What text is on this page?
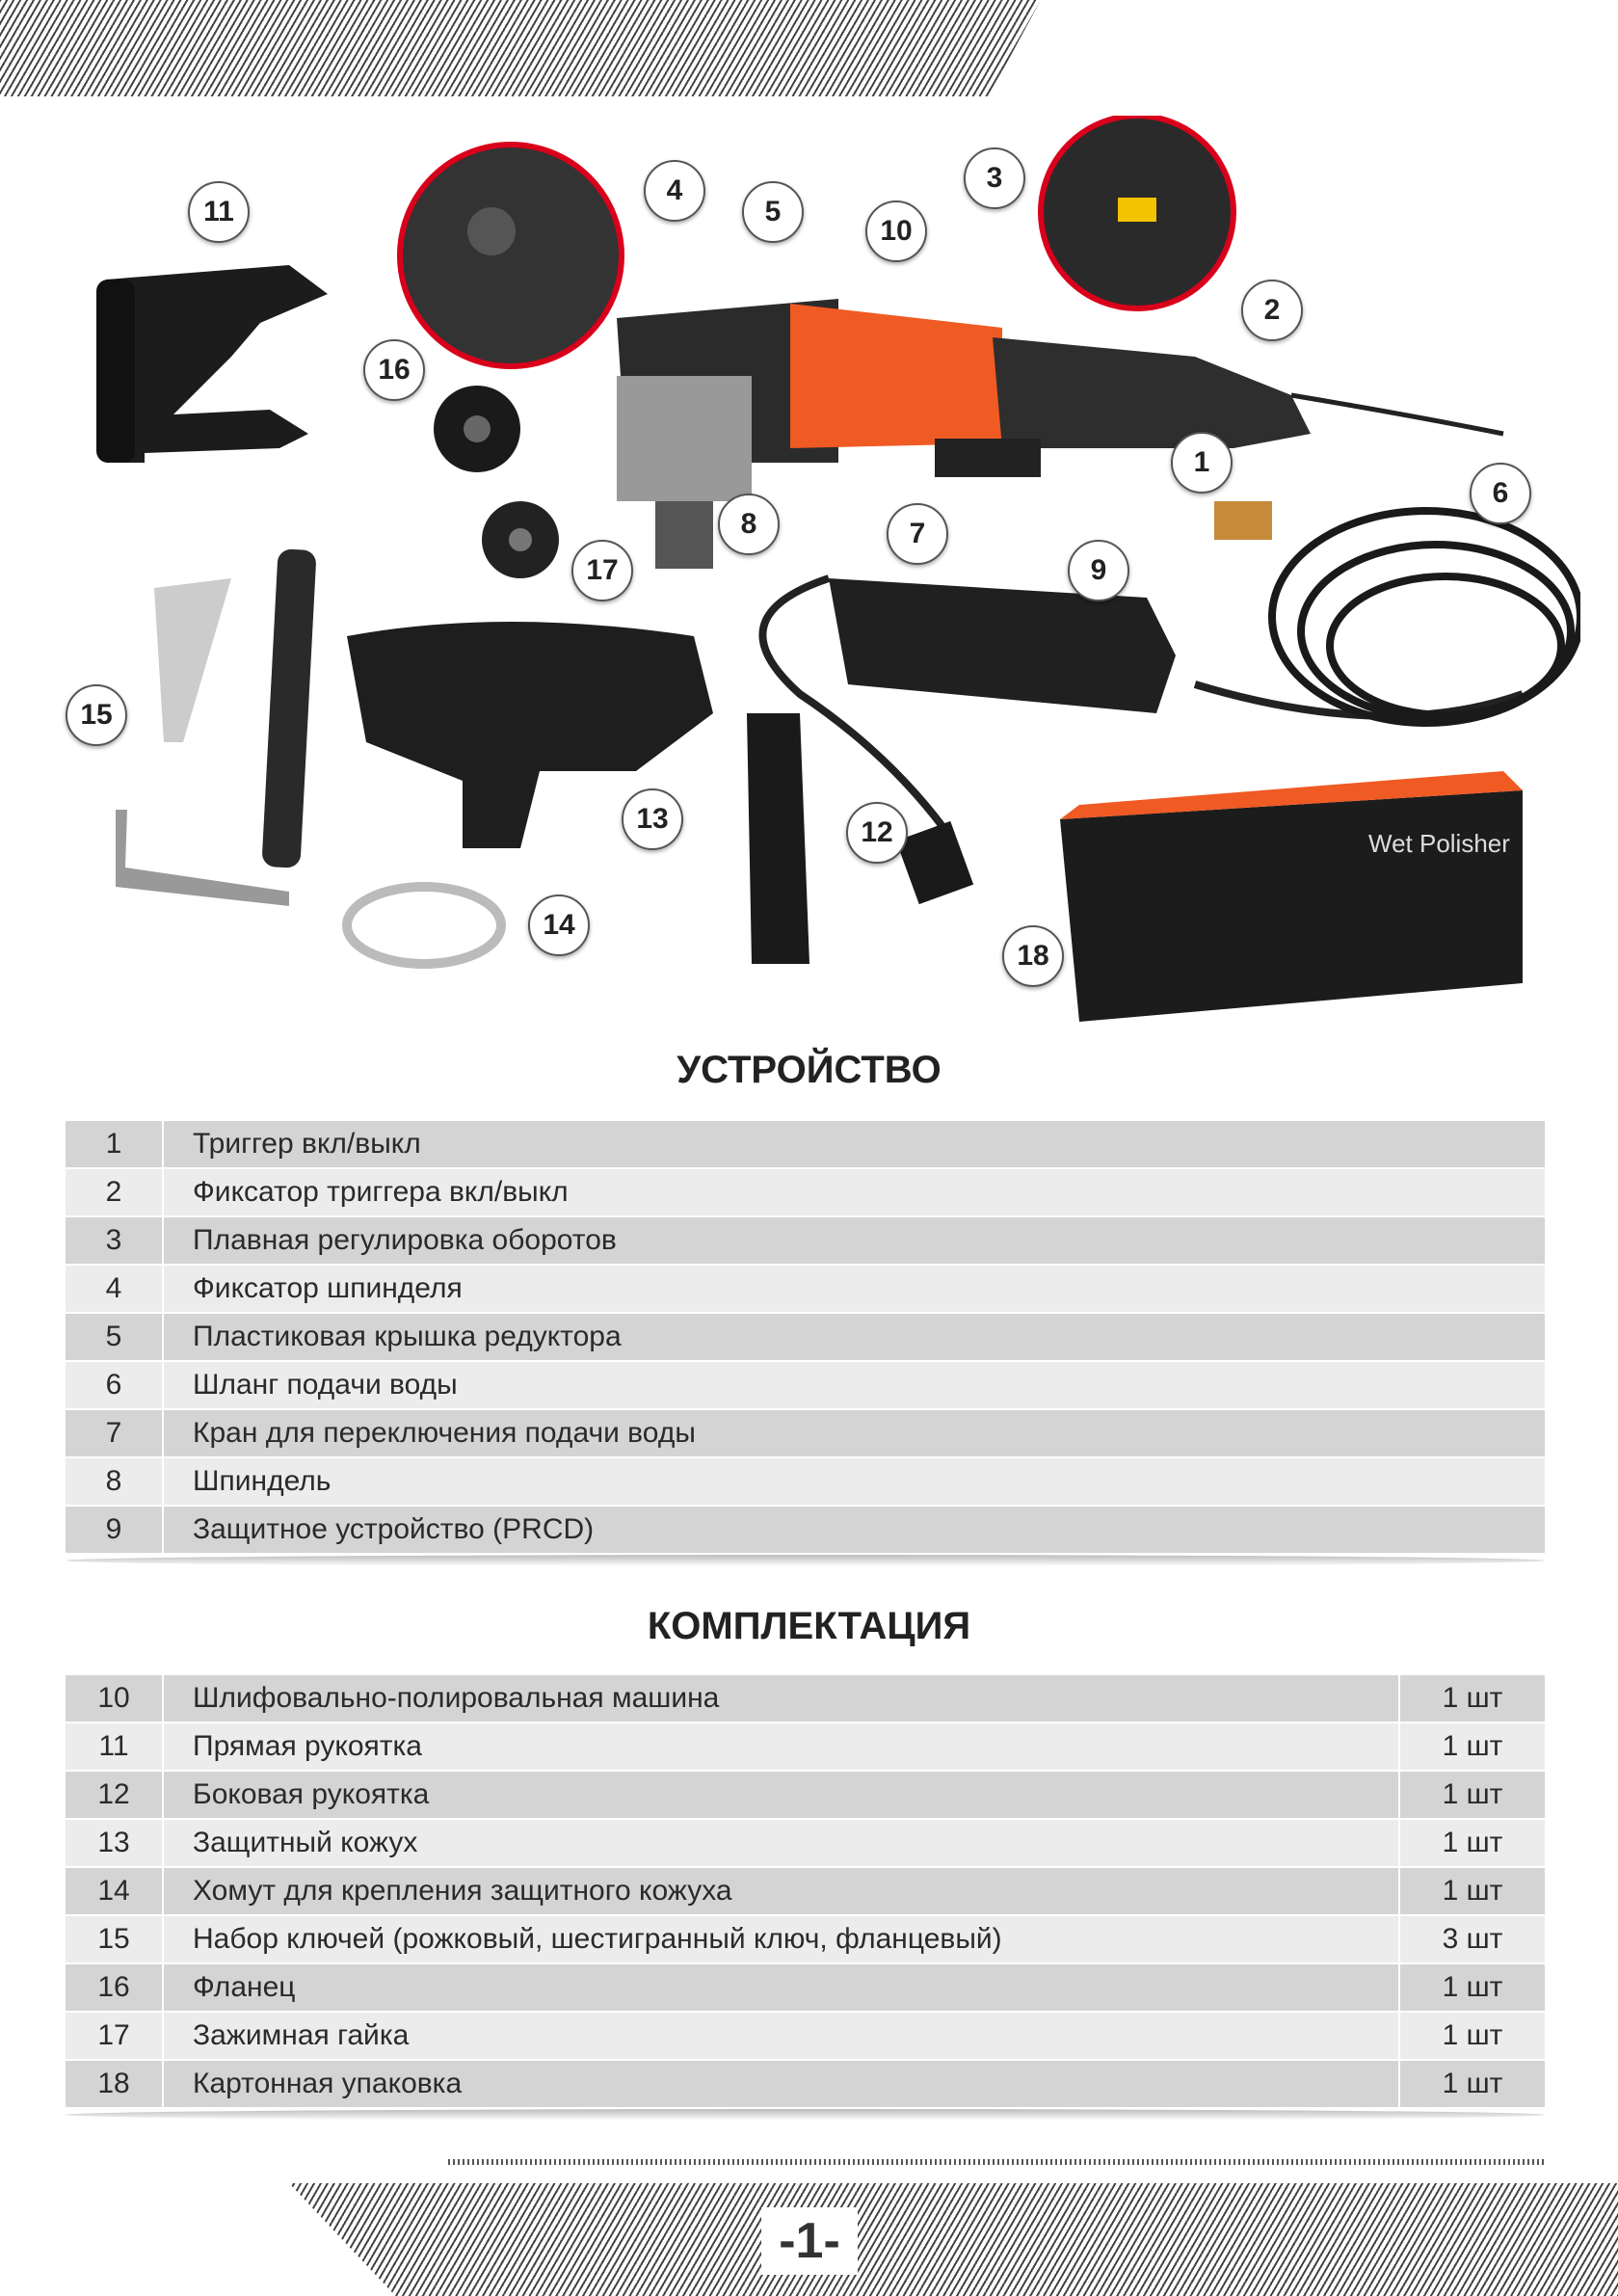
-1-
Wet Polisher
11
4
5
10
3
2
16
1
6
8	7
17	9
15
13	12
14
18
УСТРОЙСТВО
1	Триггер вкл/выкл
2	Фиксатор триггера вкл/выкл
3	Плавная регулировка оборотов
4	Фиксатор шпинделя
5	Пластиковая крышка редуктора
6	Шланг подачи воды
7	Кран для переключения подачи воды
8	Шпиндель
9	Защитное устройство (PRCD)
КОМПЛЕКТАЦИЯ
10	Шлифовально-полировальная машина	1 шт
11	Прямая рукоятка	1 шт
12	Боковая рукоятка	1 шт
13	Защитный кожух	1 шт
14	Хомут для крепления защитного кожуха	1 шт
15	Набор ключей (рожковый, шестигранный ключ, фланцевый)	3 шт
16	Фланец	1 шт
17	Зажимная гайка	1 шт
18	Картонная упаковка	1 шт
